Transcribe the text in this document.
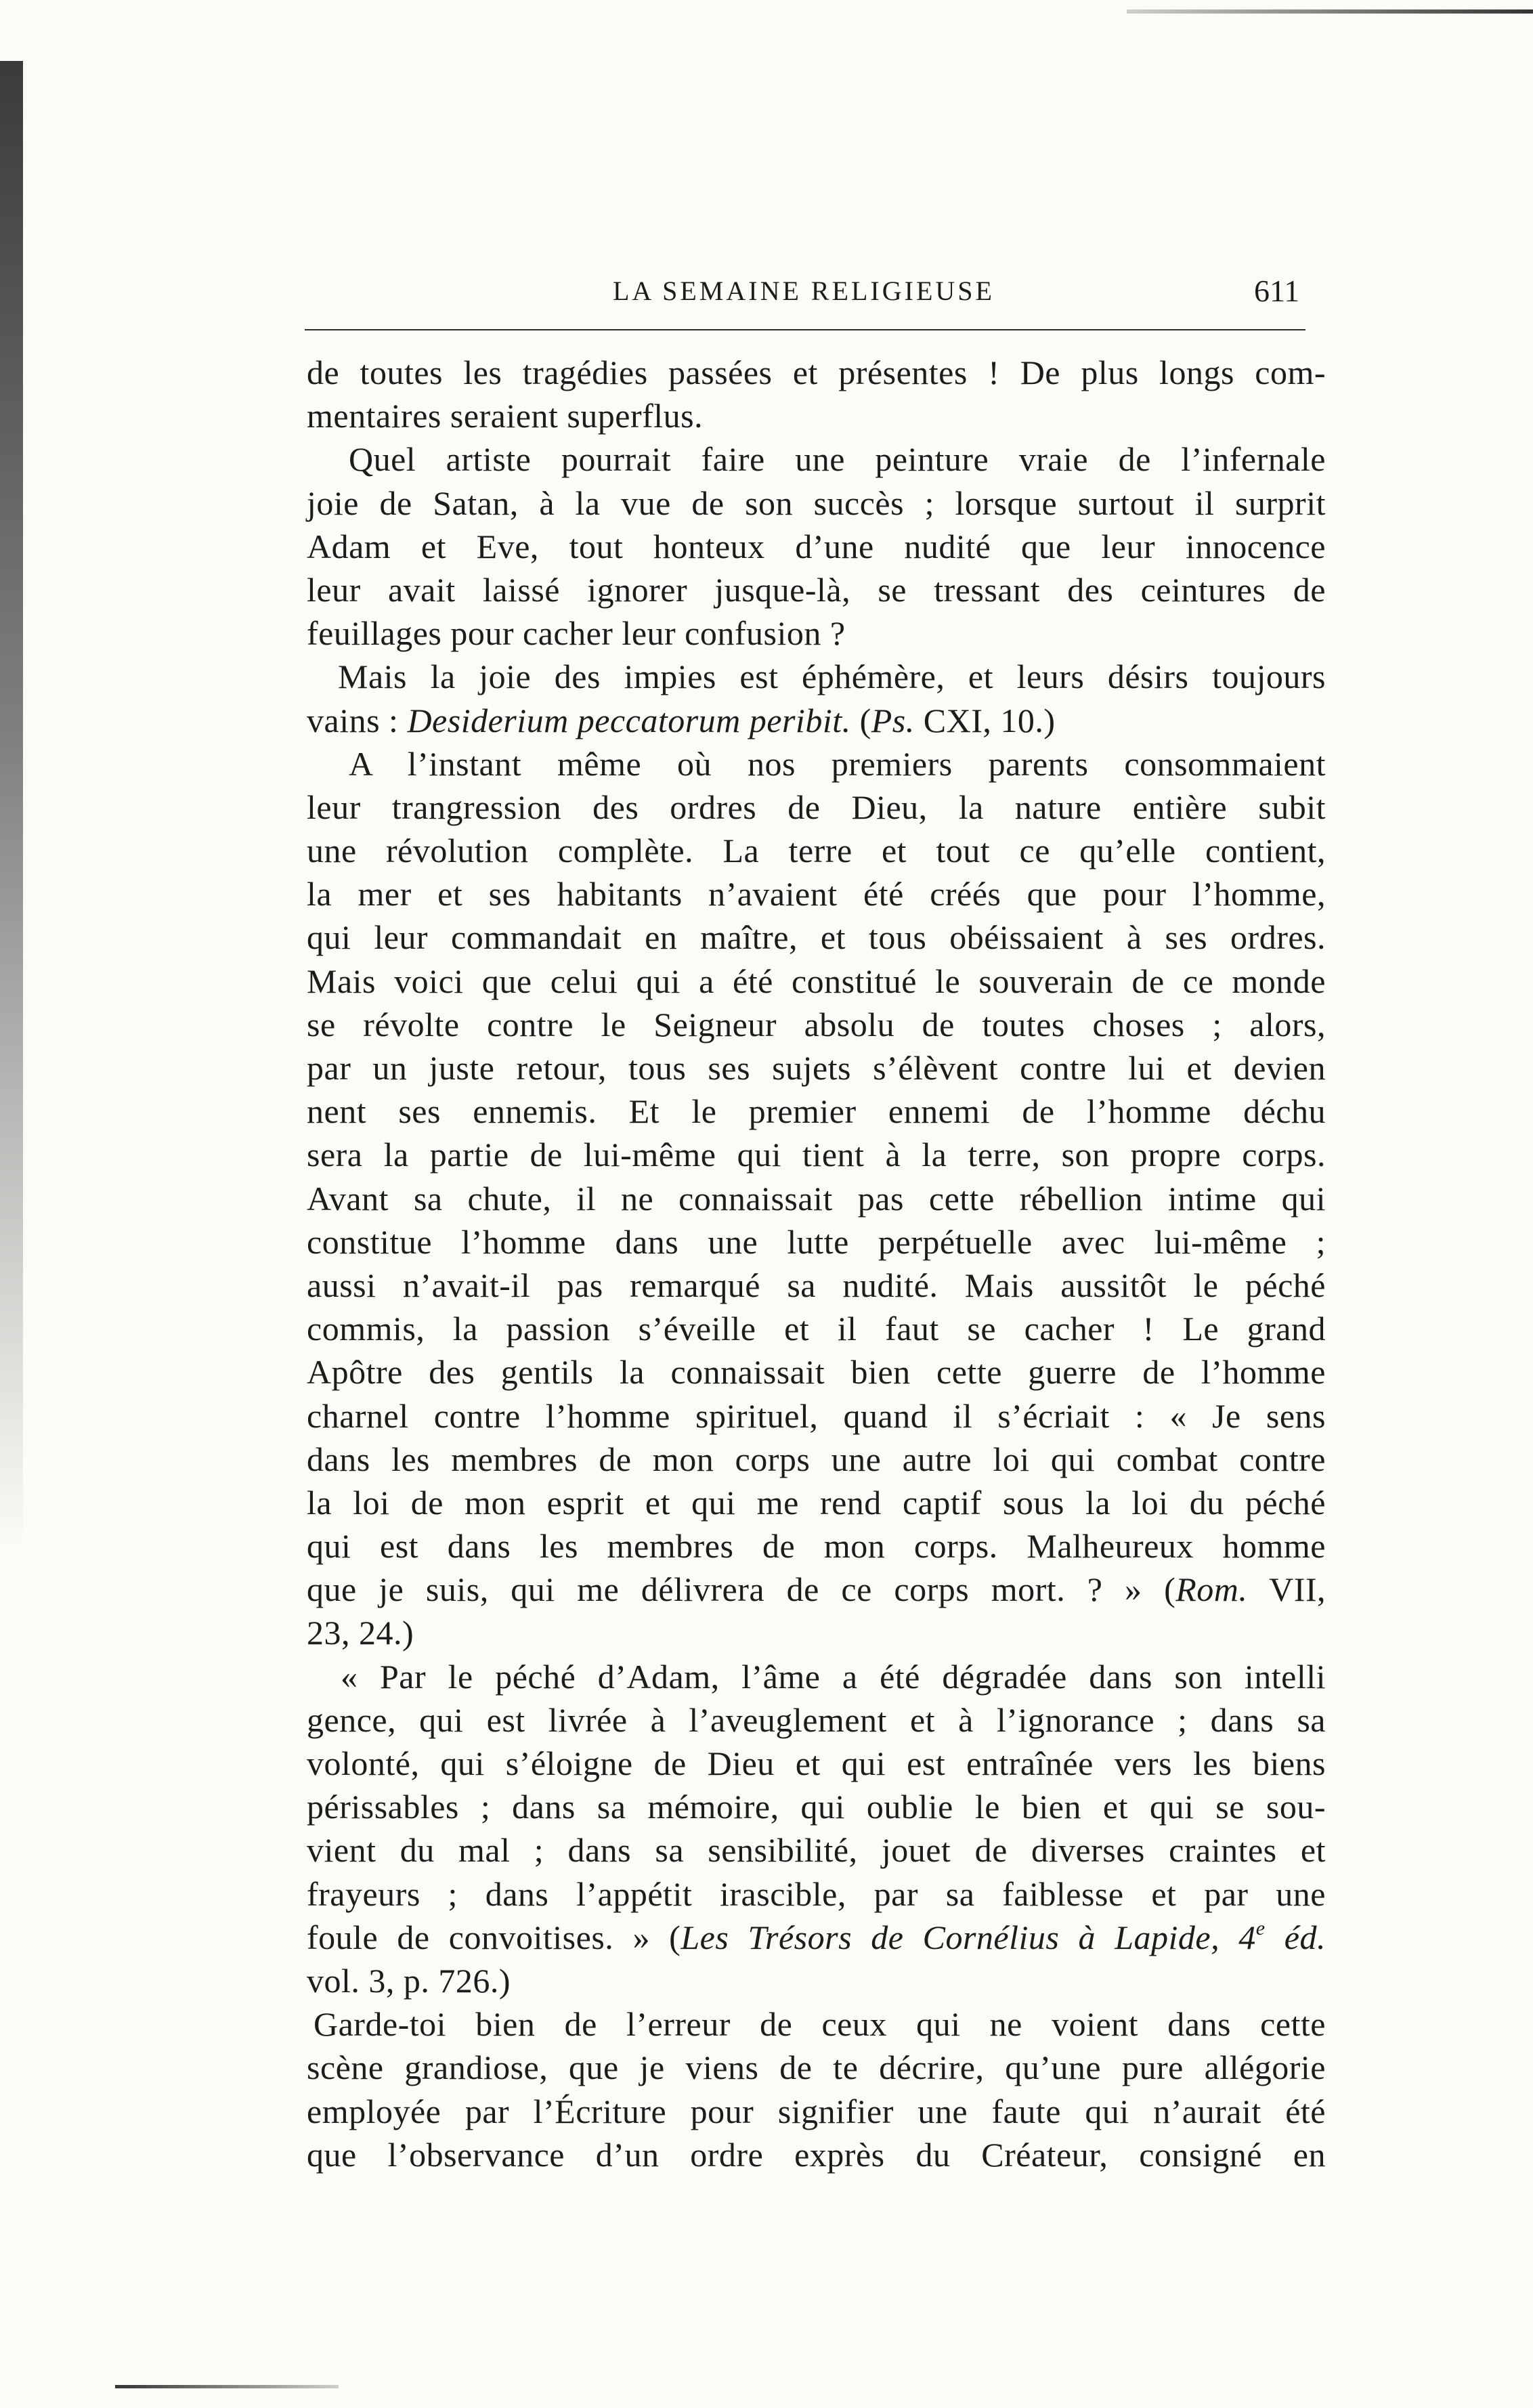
LA SEMAINE RELIGIEUSE	611
de toutes les tragédies passées et présentes ! De plus longs com-
mentaires seraient superflus.
Quel artiste pourrait faire une peinture vraie de l’infernale
joie de Satan, à la vue de son succès ; lorsque surtout il surprit
Adam et Eve, tout honteux d’une nudité que leur innocence
leur avait laissé ignorer jusque-là, se tressant des ceintures de
feuillages pour cacher leur confusion ?
Mais la joie des impies est éphémère, et leurs désirs toujours
vains : Desiderium peccatorum peribit. (Ps. CXI, 10.)
A l’instant même où nos premiers parents consommaient
leur trangression des ordres de Dieu, la nature entière subit
une révolution complète. La terre et tout ce qu’elle contient,
la mer et ses habitants n’avaient été créés que pour l’homme,
qui leur commandait en maître, et tous obéissaient à ses ordres.
Mais voici que celui qui a été constitué le souverain de ce monde
se révolte contre le Seigneur absolu de toutes choses ; alors,
par un juste retour, tous ses sujets s’élèvent contre lui et devien
nent ses ennemis. Et le premier ennemi de l’homme déchu
sera la partie de lui-même qui tient à la terre, son propre corps.
Avant sa chute, il ne connaissait pas cette rébellion intime qui
constitue l’homme dans une lutte perpétuelle avec lui-même ;
aussi n’avait-il pas remarqué sa nudité. Mais aussitôt le péché
commis, la passion s’éveille et il faut se cacher ! Le grand
Apôtre des gentils la connaissait bien cette guerre de l’homme
charnel contre l’homme spirituel, quand il s’écriait : « Je sens
dans les membres de mon corps une autre loi qui combat contre
la loi de mon esprit et qui me rend captif sous la loi du péché
qui est dans les membres de mon corps. Malheureux homme
que je suis, qui me délivrera de ce corps mort. ? » (Rom. VII,
23, 24.)
« Par le péché d’Adam, l’âme a été dégradée dans son intelli
gence, qui est livrée à l’aveuglement et à l’ignorance ; dans sa
volonté, qui s’éloigne de Dieu et qui est entraînée vers les biens
périssables ; dans sa mémoire, qui oublie le bien et qui se sou-
vient du mal ; dans sa sensibilité, jouet de diverses craintes et
frayeurs ; dans l’appétit irascible, par sa faiblesse et par une
foule de convoitises. » (Les Trésors de Cornélius à Lapide, 4e éd.
vol. 3, p. 726.)
Garde-toi bien de l’erreur de ceux qui ne voient dans cette
scène grandiose, que je viens de te décrire, qu’une pure allégorie
employée par l’Écriture pour signifier une faute qui n’aurait été
que l’observance d’un ordre exprès du Créateur, consigné en
